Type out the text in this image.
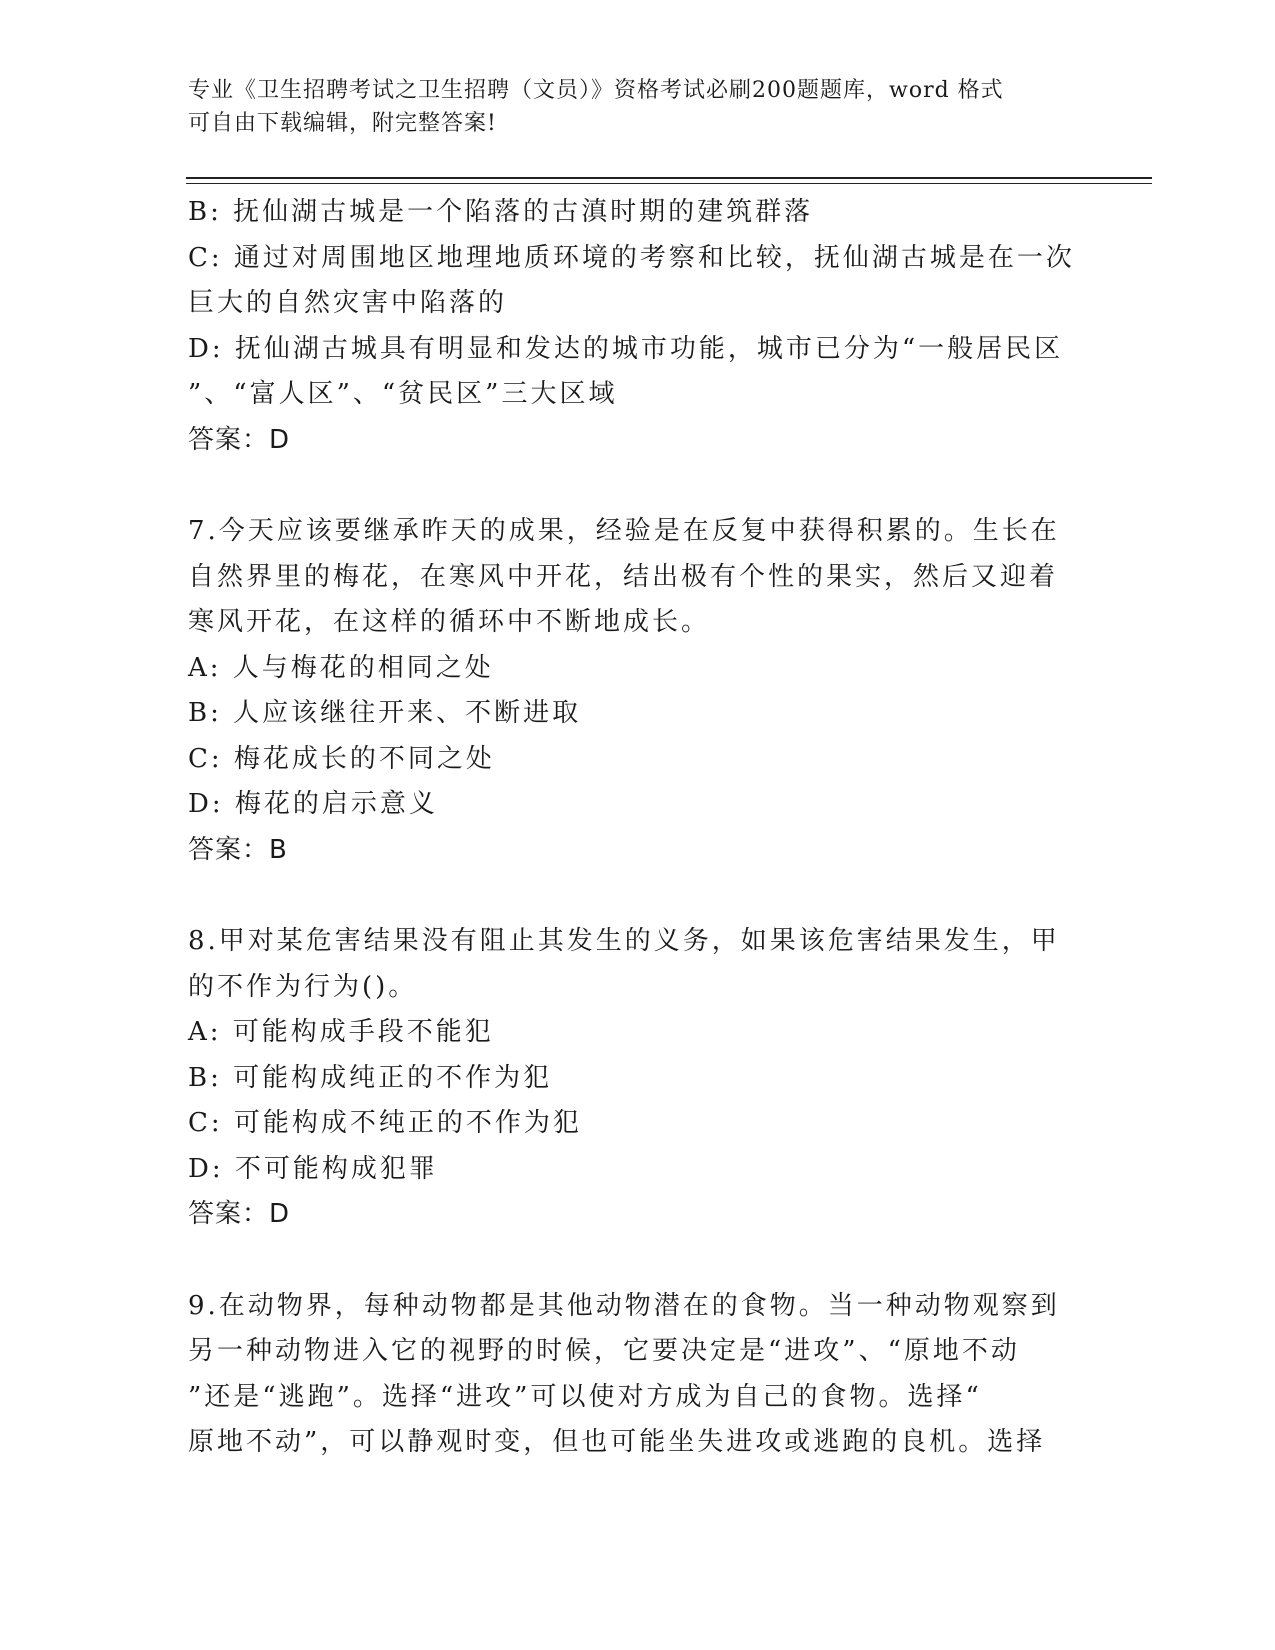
专业《卫生招聘考试之卫生招聘（文员）》资格考试必刷200题题库，word 格式
可自由下载编辑，附完整答案!
B: 抚仙湖古城是一个陷落的古滇时期的建筑群落
C: 通过对周围地区地理地质环境的考察和比较，抚仙湖古城是在一次
巨大的自然灾害中陷落的
D: 抚仙湖古城具有明显和发达的城市功能，城市已分为“一般居民区
”、“富人区”、“贫民区”三大区域
答案：D
7.今天应该要继承昨天的成果，经验是在反复中获得积累的。生长在
自然界里的梅花，在寒风中开花，结出极有个性的果实，然后又迎着
寒风开花，在这样的循环中不断地成长。
A: 人与梅花的相同之处
B: 人应该继往开来、不断进取
C: 梅花成长的不同之处
D: 梅花的启示意义
答案：B
8.甲对某危害结果没有阻止其发生的义务，如果该危害结果发生，甲
的不作为行为()。
A: 可能构成手段不能犯
B: 可能构成纯正的不作为犯
C: 可能构成不纯正的不作为犯
D: 不可能构成犯罪
答案：D
9.在动物界，每种动物都是其他动物潜在的食物。当一种动物观察到
另一种动物进入它的视野的时候，它要决定是“进攻”、“原地不动
”还是“逃跑”。选择“进攻”可以使对方成为自己的食物。选择“
原地不动”，可以静观时变，但也可能坐失进攻或逃跑的良机。选择
